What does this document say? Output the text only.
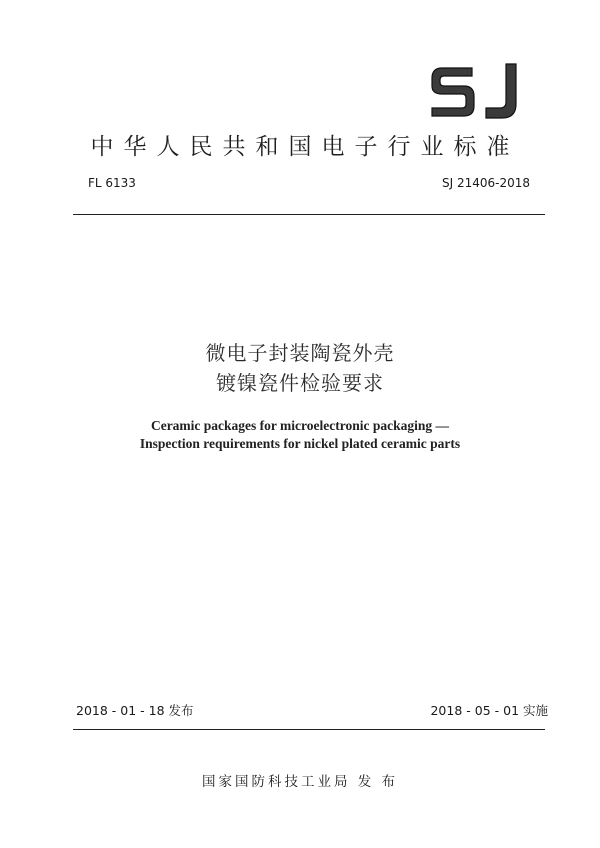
SJ
中华人民共和国电子行业标准
FL 6133	SJ 21406-2018
微电子封装陶瓷外壳
镀镍瓷件检验要求
Ceramic packages for microelectronic packaging —
Inspection requirements for nickel plated ceramic parts
2018 - 01 - 18 发布	2018 - 05 - 01 实施
国家国防科技工业局 发 布
